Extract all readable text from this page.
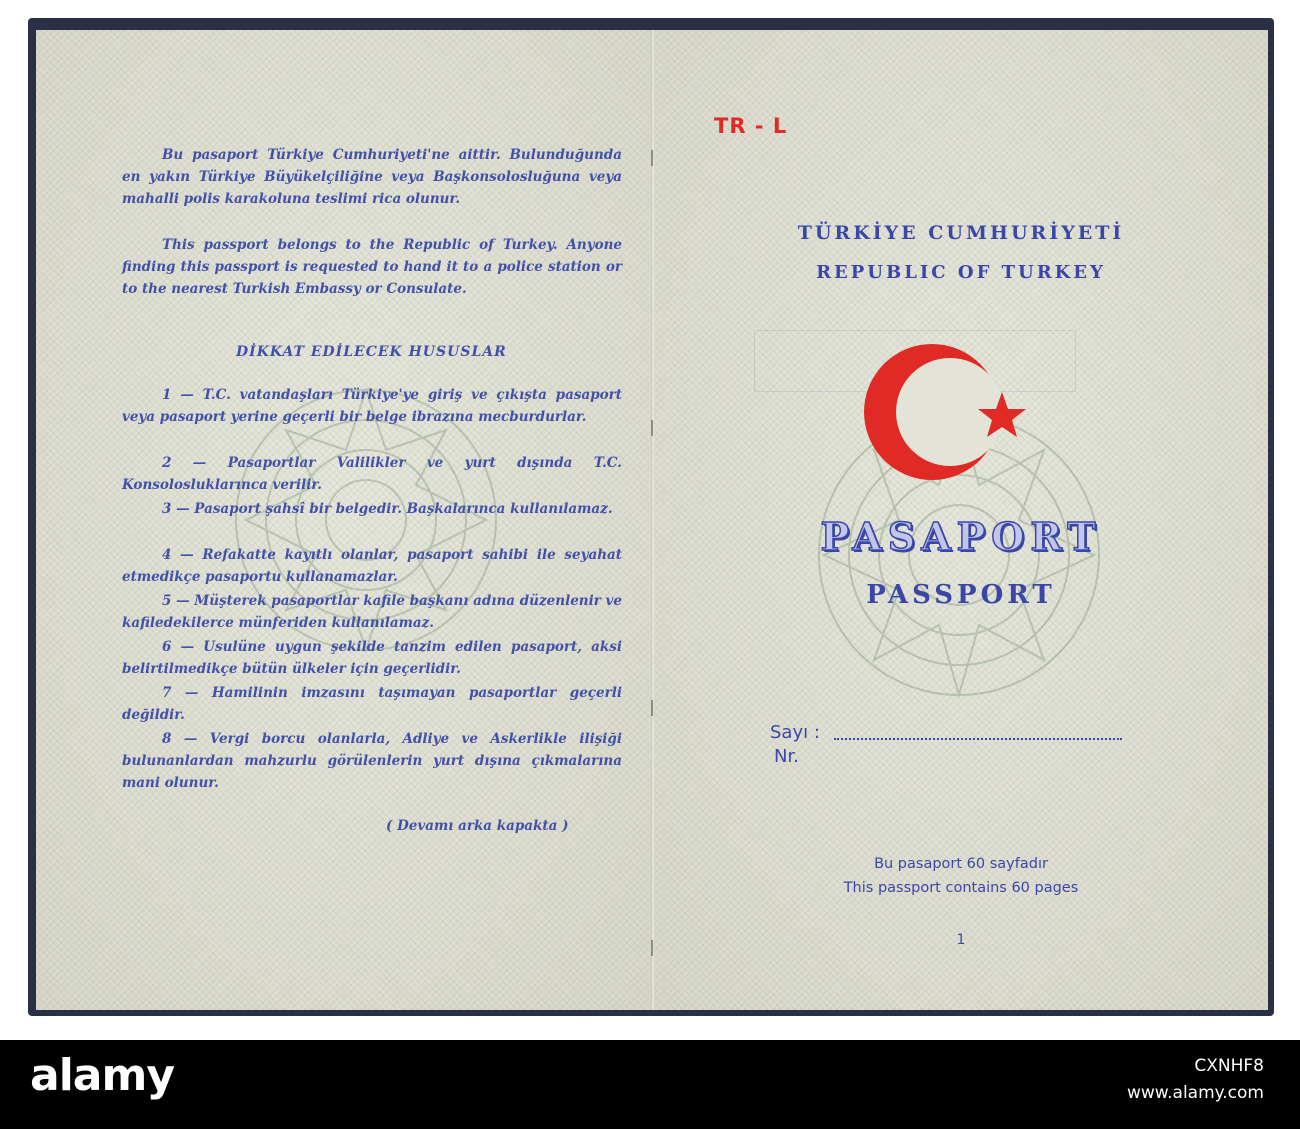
Bu pasaport Türkiye Cumhuriyeti'ne aittir. Bulunduğunda en yakın Türkiye Büyükelçiliğine veya Başkonsolosluğuna veya mahalli polis karakoluna teslimi rica olunur.

This passport belongs to the Republic of Turkey. Anyone finding this passport is requested to hand it to a police station or to the nearest Turkish Embassy or Consulate.

DİKKAT EDİLECEK HUSUSLAR

1 — T.C. vatandaşları Türkiye'ye giriş ve çıkışta pasaport veya pasaport yerine geçerli bir belge ibrazına mecburdurlar.

2 — Pasaportlar Valilikler ve yurt dışında T.C. Konsolosluklarınca verilir.

3 — Pasaport şahsî bir belgedir. Başkalarınca kullanılamaz.

4 — Refakatte kayıtlı olanlar, pasaport sahibi ile seyahat etmedikçe pasaportu kullanamazlar.

5 — Müşterek pasaportlar kafile başkanı adına düzenlenir ve kafiledekilerce münferiden kullanılamaz.

6 — Usulüne uygun şekilde tanzim edilen pasaport, aksi belirtilmedikçe bütün ülkeler için geçerlidir.

7 — Hamilinin imzasını taşımayan pasaportlar geçerli değildir.

8 — Vergi borcu olanlarla, Adliye ve Askerlikle ilişiği bulunanlardan mahzurlu görülenlerin yurt dışına çıkmalarına mani olunur.

( Devamı arka kapakta )
TR - L
TÜRKİYE CUMHURİYETİ
REPUBLIC OF TURKEY
PASAPORT
PASSPORT
Sayı :
Nr.
Bu pasaport 60 sayfadır
This passport contains 60 pages
1
alamy	CXNHF8
www.alamy.com
